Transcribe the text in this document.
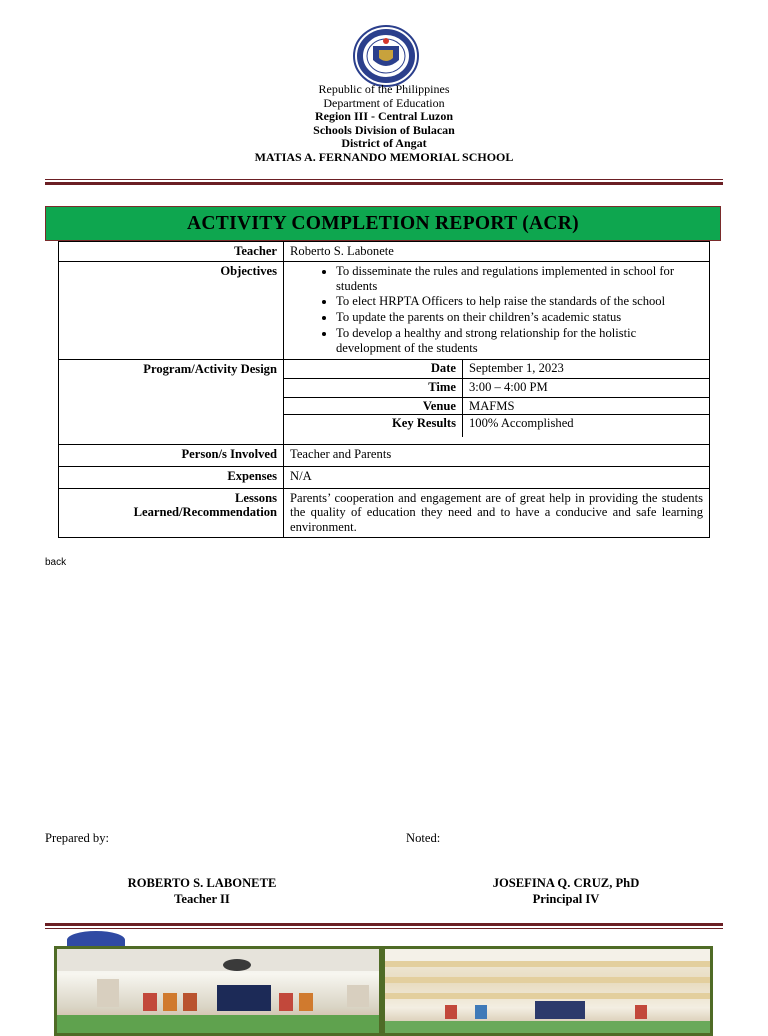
Republic of the Philippines
Department of Education
Region III - Central Luzon
Schools Division of Bulacan
District of Angat
MATIAS A. FERNANDO MEMORIAL SCHOOL
ACTIVITY COMPLETION REPORT (ACR)
Teacher	Roberto S. Labonete
Objectives	
•To disseminate the rules and regulations implemented in school for students
• To elect HRPTA Officers to help raise the standards of the school
• To update the parents on their children’s academic status
• To develop a healthy and strong relationship for the holistic development of the students

Program/Activity Design		Date	September 1, 2023
Time	3:00 – 4:00 PM
Venue	MAFMS
Key Results	100% Accomplished

Person/s Involved	Teacher and Parents
Expenses	N/A

Lessons
Learned/Recommendation
	Parents’ cooperation and engagement are of great help in providing the students the quality of education they need and to have a conducive and safe learning environment.
back
Prepared by:	Noted:
ROBERTO S. LABONETE
Teacher II
JOSEFINA Q. CRUZ, PhD
Principal IV
